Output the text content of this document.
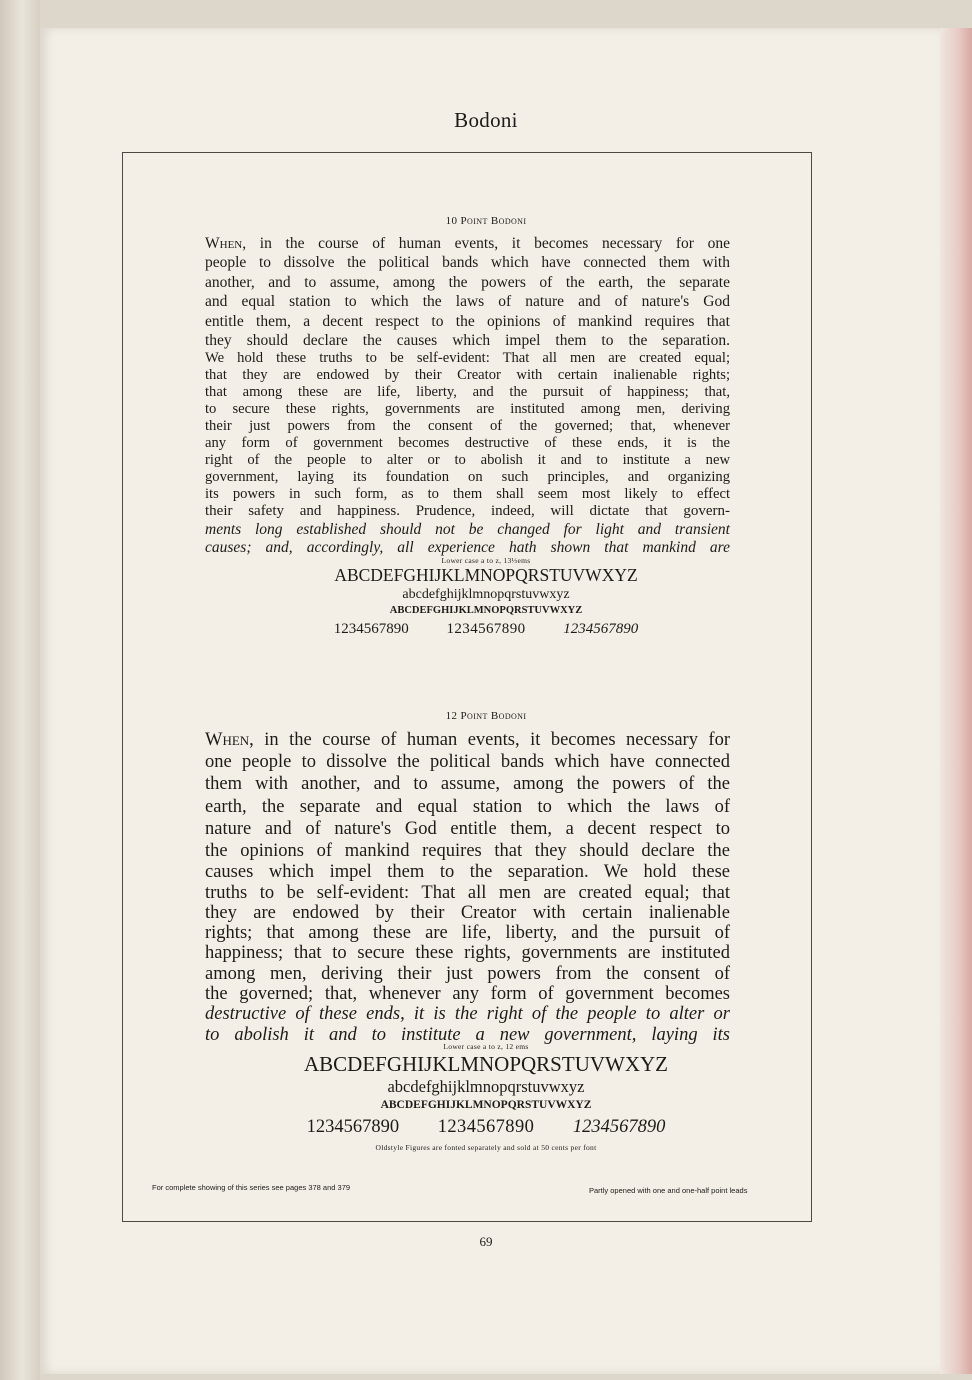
Bodoni
10 Point Bodoni
When, in the course of human events, it becomes necessary for one
people to dissolve the political bands which have connected them with
another, and to assume, among the powers of the earth, the separate
and equal station to which the laws of nature and of nature's God
entitle them, a decent respect to the opinions of mankind requires that
they should declare the causes which impel them to the separation.
We hold these truths to be self-evident: That all men are created equal;
that they are endowed by their Creator with certain inalienable rights;
that among these are life, liberty, and the pursuit of happiness; that,
to secure these rights, governments are instituted among men, deriving
their just powers from the consent of the governed; that, whenever
any form of government becomes destructive of these ends, it is the
right of the people to alter or to abolish it and to institute a new
government, laying its foundation on such principles, and organizing
its powers in such form, as to them shall seem most likely to effect
their safety and happiness. Prudence, indeed, will dictate that govern-
ments long established should not be changed for light and transient
causes; and, accordingly, all experience hath shown that mankind are
Lower case a to z, 13⅓ems
ABCDEFGHIJKLMNOPQRSTUVWXYZ
abcdefghijklmnopqrstuvwxyz
ABCDEFGHIJKLMNOPQRSTUVWXYZ
1234567890	1234567890	1234567890
12 Point Bodoni
When, in the course of human events, it becomes necessary for
one people to dissolve the political bands which have connected
them with another, and to assume, among the powers of the
earth, the separate and equal station to which the laws of
nature and of nature's God entitle them, a decent respect to
the opinions of mankind requires that they should declare the
causes which impel them to the separation. We hold these
truths to be self-evident: That all men are created equal; that
they are endowed by their Creator with certain inalienable
rights; that among these are life, liberty, and the pursuit of
happiness; that to secure these rights, governments are instituted
among men, deriving their just powers from the consent of
the governed; that, whenever any form of government becomes
destructive of these ends, it is the right of the people to alter or
to abolish it and to institute a new government, laying its
Lower case a to z, 12 ems
ABCDEFGHIJKLMNOPQRSTUVWXYZ
abcdefghijklmnopqrstuvwxyz
ABCDEFGHIJKLMNOPQRSTUVWXYZ
1234567890 1234567890 1234567890
Oldstyle Figures are fonted separately and sold at 50 cents per font
For complete showing of this series see pages 378 and 379	Partly opened with one and one-half point leads
69
